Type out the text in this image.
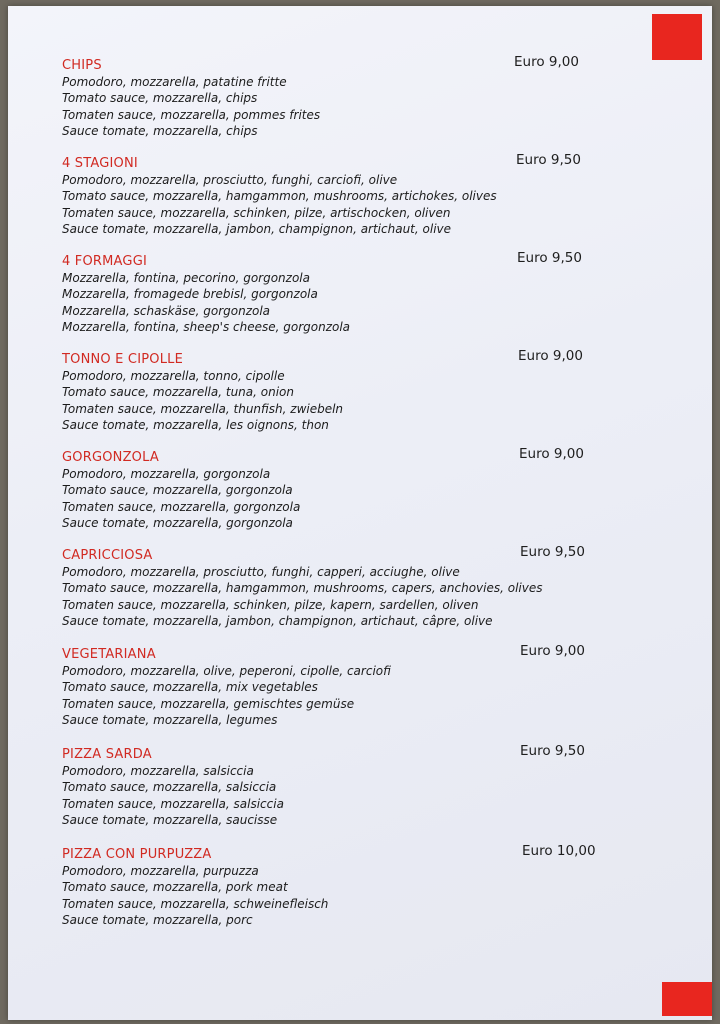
CHIPS
Pomodoro, mozzarella, patatine fritte
Tomato sauce, mozzarella, chips
Tomaten sauce, mozzarella, pommes frites
Sauce tomate, mozzarella, chips
Euro 9,00
4 STAGIONI
Pomodoro, mozzarella, prosciutto, funghi, carciofi, olive
Tomato sauce, mozzarella, hamgammon, mushrooms, artichokes, olives
Tomaten sauce, mozzarella, schinken, pilze, artischocken, oliven
Sauce tomate, mozzarella, jambon, champignon, artichaut, olive
Euro 9,50
4 FORMAGGI
Mozzarella, fontina, pecorino, gorgonzola
Mozzarella, fromagede brebisl, gorgonzola
Mozzarella, schaskäse, gorgonzola
Mozzarella, fontina, sheep's cheese, gorgonzola
Euro 9,50
TONNO E CIPOLLE
Pomodoro, mozzarella, tonno, cipolle
Tomato sauce, mozzarella, tuna, onion
Tomaten sauce, mozzarella, thunfish, zwiebeln
Sauce tomate, mozzarella, les oignons, thon
Euro 9,00
GORGONZOLA
Pomodoro, mozzarella, gorgonzola
Tomato sauce, mozzarella, gorgonzola
Tomaten sauce, mozzarella, gorgonzola
Sauce tomate, mozzarella, gorgonzola
Euro 9,00
CAPRICCIOSA
Pomodoro, mozzarella, prosciutto, funghi, capperi, acciughe, olive
Tomato sauce, mozzarella, hamgammon, mushrooms, capers, anchovies, olives
Tomaten sauce, mozzarella, schinken, pilze, kapern, sardellen, oliven
Sauce tomate, mozzarella, jambon, champignon, artichaut, câpre, olive
Euro 9,50
VEGETARIANA
Pomodoro, mozzarella, olive, peperoni, cipolle, carciofi
Tomato sauce, mozzarella, mix vegetables
Tomaten sauce, mozzarella, gemischtes gemüse
Sauce tomate, mozzarella, legumes
Euro 9,00
PIZZA SARDA
Pomodoro, mozzarella, salsiccia
Tomato sauce, mozzarella, salsiccia
Tomaten sauce, mozzarella, salsiccia
Sauce tomate, mozzarella, saucisse
Euro 9,50
PIZZA CON PURPUZZA
Pomodoro, mozzarella, purpuzza
Tomato sauce, mozzarella, pork meat
Tomaten sauce, mozzarella, schweinefleisch
Sauce tomate, mozzarella, porc
Euro 10,00
